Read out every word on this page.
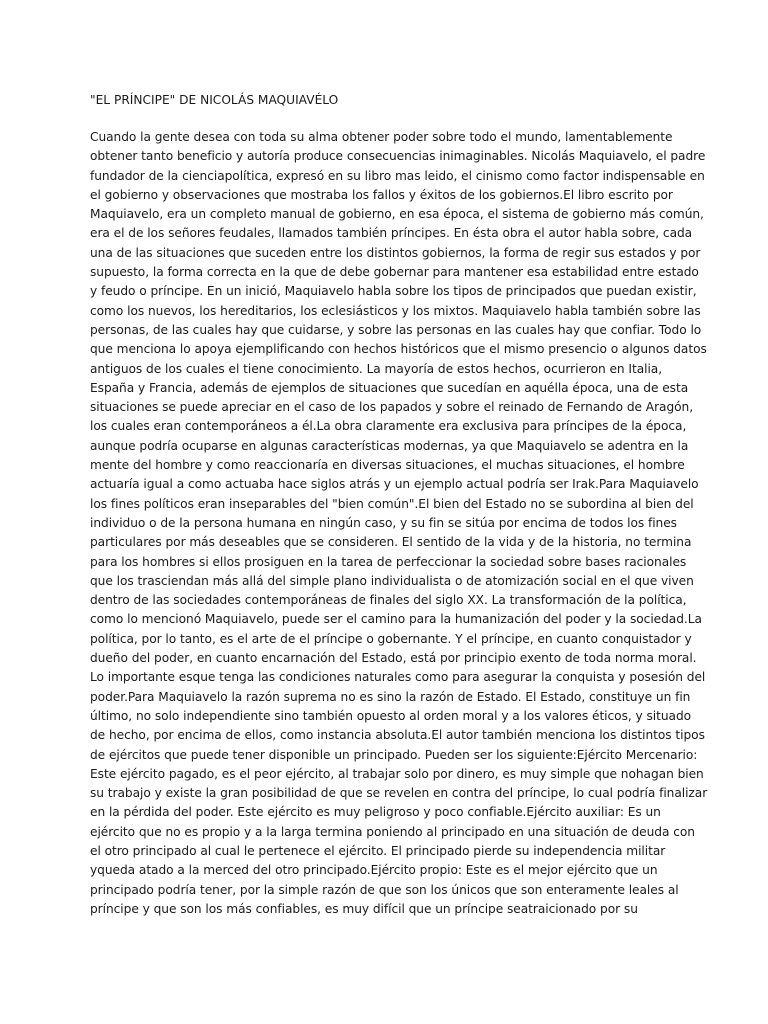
"EL PRÍNCIPE" DE NICOLÁS MAQUIAVÉLO

Cuando la gente desea con toda su alma obtener poder sobre todo el mundo, lamentablemente obtener tanto beneficio y autoría produce consecuencias inimaginables. Nicolás Maquiavelo, el padre fundador de la cienciapolítica, expresó en su libro mas leido, el cinismo como factor indispensable en el gobierno y observaciones que mostraba los fallos y éxitos de los gobiernos.El libro escrito por Maquiavelo, era un completo manual de gobierno, en esa época, el sistema de gobierno más común, era el de los señores feudales, llamados también príncipes. En ésta obra el autor habla sobre, cada una de las situaciones que suceden entre los distintos gobiernos, la forma de regir sus estados y por supuesto, la forma correcta en la que de debe gobernar para mantener esa estabilidad entre estado y feudo o príncipe. En un inició, Maquiavelo habla sobre los tipos de principados que puedan existir, como los nuevos, los hereditarios, los eclesiásticos y los mixtos. Maquiavelo habla también sobre las personas, de las cuales hay que cuidarse, y sobre las personas en las cuales hay que confiar. Todo lo que menciona lo apoya ejemplificando con hechos históricos que el mismo presencio o algunos datos antiguos de los cuales el tiene conocimiento. La mayoría de estos hechos, ocurrieron en Italia, España y Francia, además de ejemplos de situaciones que sucedían en aquélla época, una de esta situaciones se puede apreciar en el caso de los papados y sobre el reinado de Fernando de Aragón, los cuales eran contemporáneos a él.La obra claramente era exclusiva para príncipes de la época, aunque podría ocuparse en algunas características modernas, ya que Maquiavelo se adentra en la mente del hombre y como reaccionaría en diversas situaciones, el muchas situaciones, el hombre actuaría igual a como actuaba hace siglos atrás y un ejemplo actual podría ser Irak.Para Maquiavelo los fines políticos eran inseparables del "bien común".El bien del Estado no se subordina al bien del individuo o de la persona humana en ningún caso, y su fin se sitúa por encima de todos los fines particulares por más deseables que se consideren. El sentido de la vida y de la historia, no termina para los hombres si ellos prosiguen en la tarea de perfeccionar la sociedad sobre bases racionales que los trasciendan más allá del simple plano individualista o de atomización social en el que viven dentro de las sociedades contemporáneas de finales del siglo XX. La transformación de la política, como lo mencionó Maquiavelo, puede ser el camino para la humanización del poder y la sociedad.La política, por lo tanto, es el arte de el príncipe o gobernante. Y el príncipe, en cuanto conquistador y dueño del poder, en cuanto encarnación del Estado, está por principio exento de toda norma moral. Lo importante esque tenga las condiciones naturales como para asegurar la conquista y posesión del poder.Para Maquiavelo la razón suprema no es sino la razón de Estado. El Estado, constituye un fin último, no solo independiente sino también opuesto al orden moral y a los valores éticos, y situado de hecho, por encima de ellos, como instancia absoluta.El autor también menciona los distintos tipos de ejércitos que puede tener disponible un principado. Pueden ser los siguiente:Ejército Mercenario: Este ejército pagado, es el peor ejército, al trabajar solo por dinero, es muy simple que nohagan bien su trabajo y existe la gran posibilidad de que se revelen en contra del príncipe, lo cual podría finalizar en la pérdida del poder. Este ejército es muy peligroso y poco confiable.Ejército auxiliar: Es un ejército que no es propio y a la larga termina poniendo al principado en una situación de deuda con el otro principado al cual le pertenece el ejército. El principado pierde su independencia militar yqueda atado a la merced del otro principado.Ejército propio: Este es el mejor ejército que un principado podría tener, por la simple razón de que son los únicos que son enteramente leales al príncipe y que son los más confiables, es muy difícil que un príncipe seatraicionado por su
